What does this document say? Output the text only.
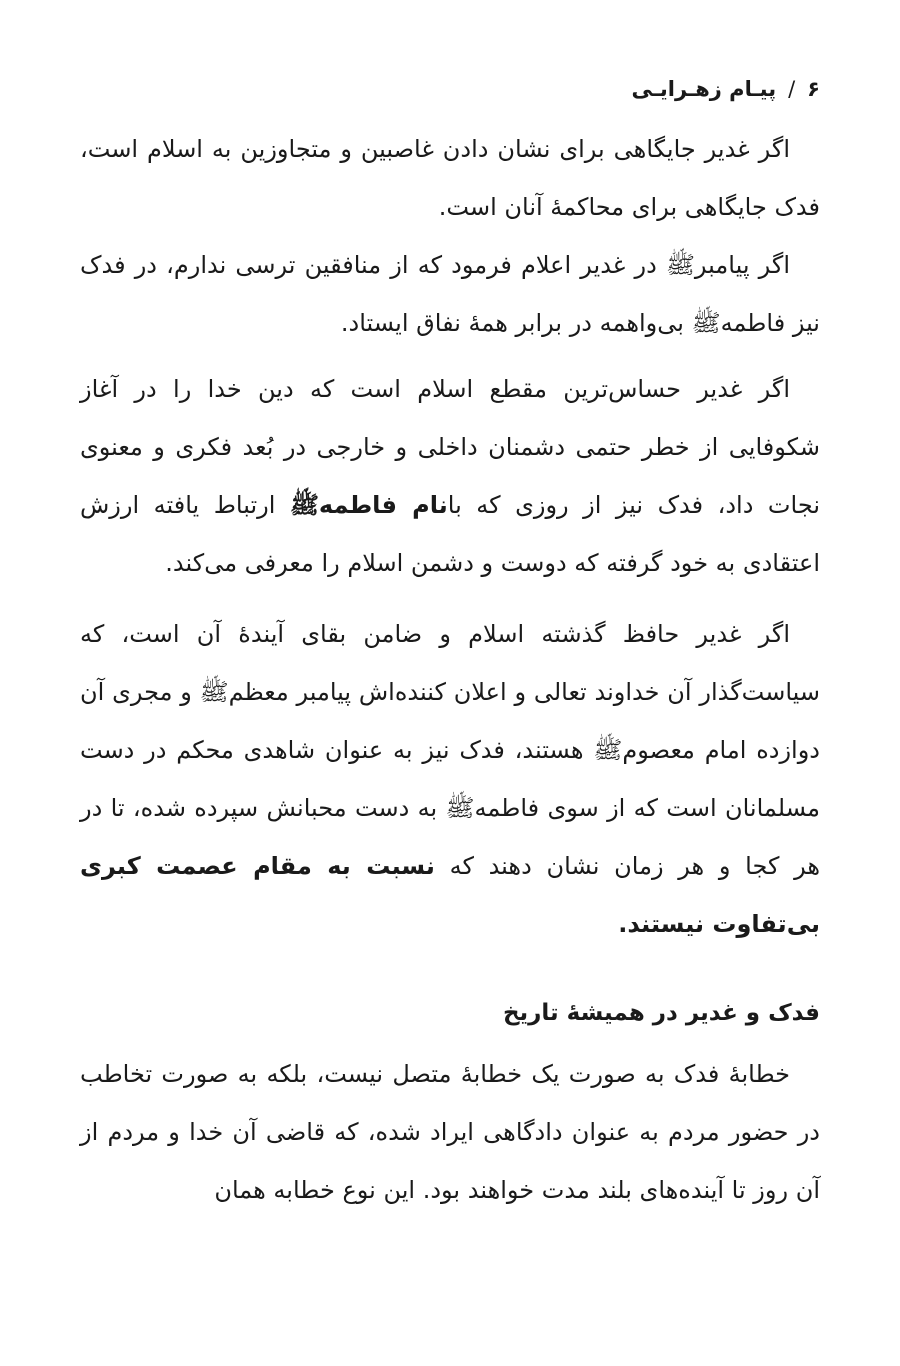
۶
/
پیـام زهـرایـی

اگر غدیر جایگاهی برای نشان دادن غاصبین و متجاوزین به اسلام است، فدک جایگاهی برای محاکمهٔ آنان است.

اگر پیامبرﷺ در غدیر اعلام فرمود که از منافقین ترسی ندارم، در فدک نیز فاطمه‌ﷺ بی‌واهمه در برابر همهٔ نفاق ایستاد.

اگر غدیر حساس‌ترین مقطع اسلام است که دین خدا را در آغاز شکوفایی از خطر حتمی دشمنان داخلی و خارجی در بُعد فکری و معنوی نجات داد، فدک نیز از روزی که بانام فاطمه‌ﷺ ارتباط یافته ارزش اعتقادی به خود گرفته که دوست و دشمن اسلام را معرفی می‌کند.

اگر غدیر حافظ گذشته اسلام و ضامن بقای آیندهٔ آن است، که سیاست‌گذار آن خداوند تعالی و اعلان کننده‌اش پیامبر معظمﷺ و مجری آن دوازده امام معصومﷺ هستند، فدک نیز به عنوان شاهدی محکم در دست مسلمانان است که از سوی فاطمه‌ﷺ به دست محبانش سپرده شده، تا در هر کجا و هر زمان نشان دهند که نسبت به مقام عصمت کبری بی‌تفاوت نیستند.

فدک و غدیر در همیشهٔ تاریخ

خطابهٔ فدک به صورت یک خطابهٔ متصل نیست، بلکه به صورت تخاطب در حضور مردم به عنوان دادگاهی ایراد شده، که قاضی آن خدا و مردم از آن روز تا آینده‌های بلند مدت خواهند بود. این نوع خطابه همان
